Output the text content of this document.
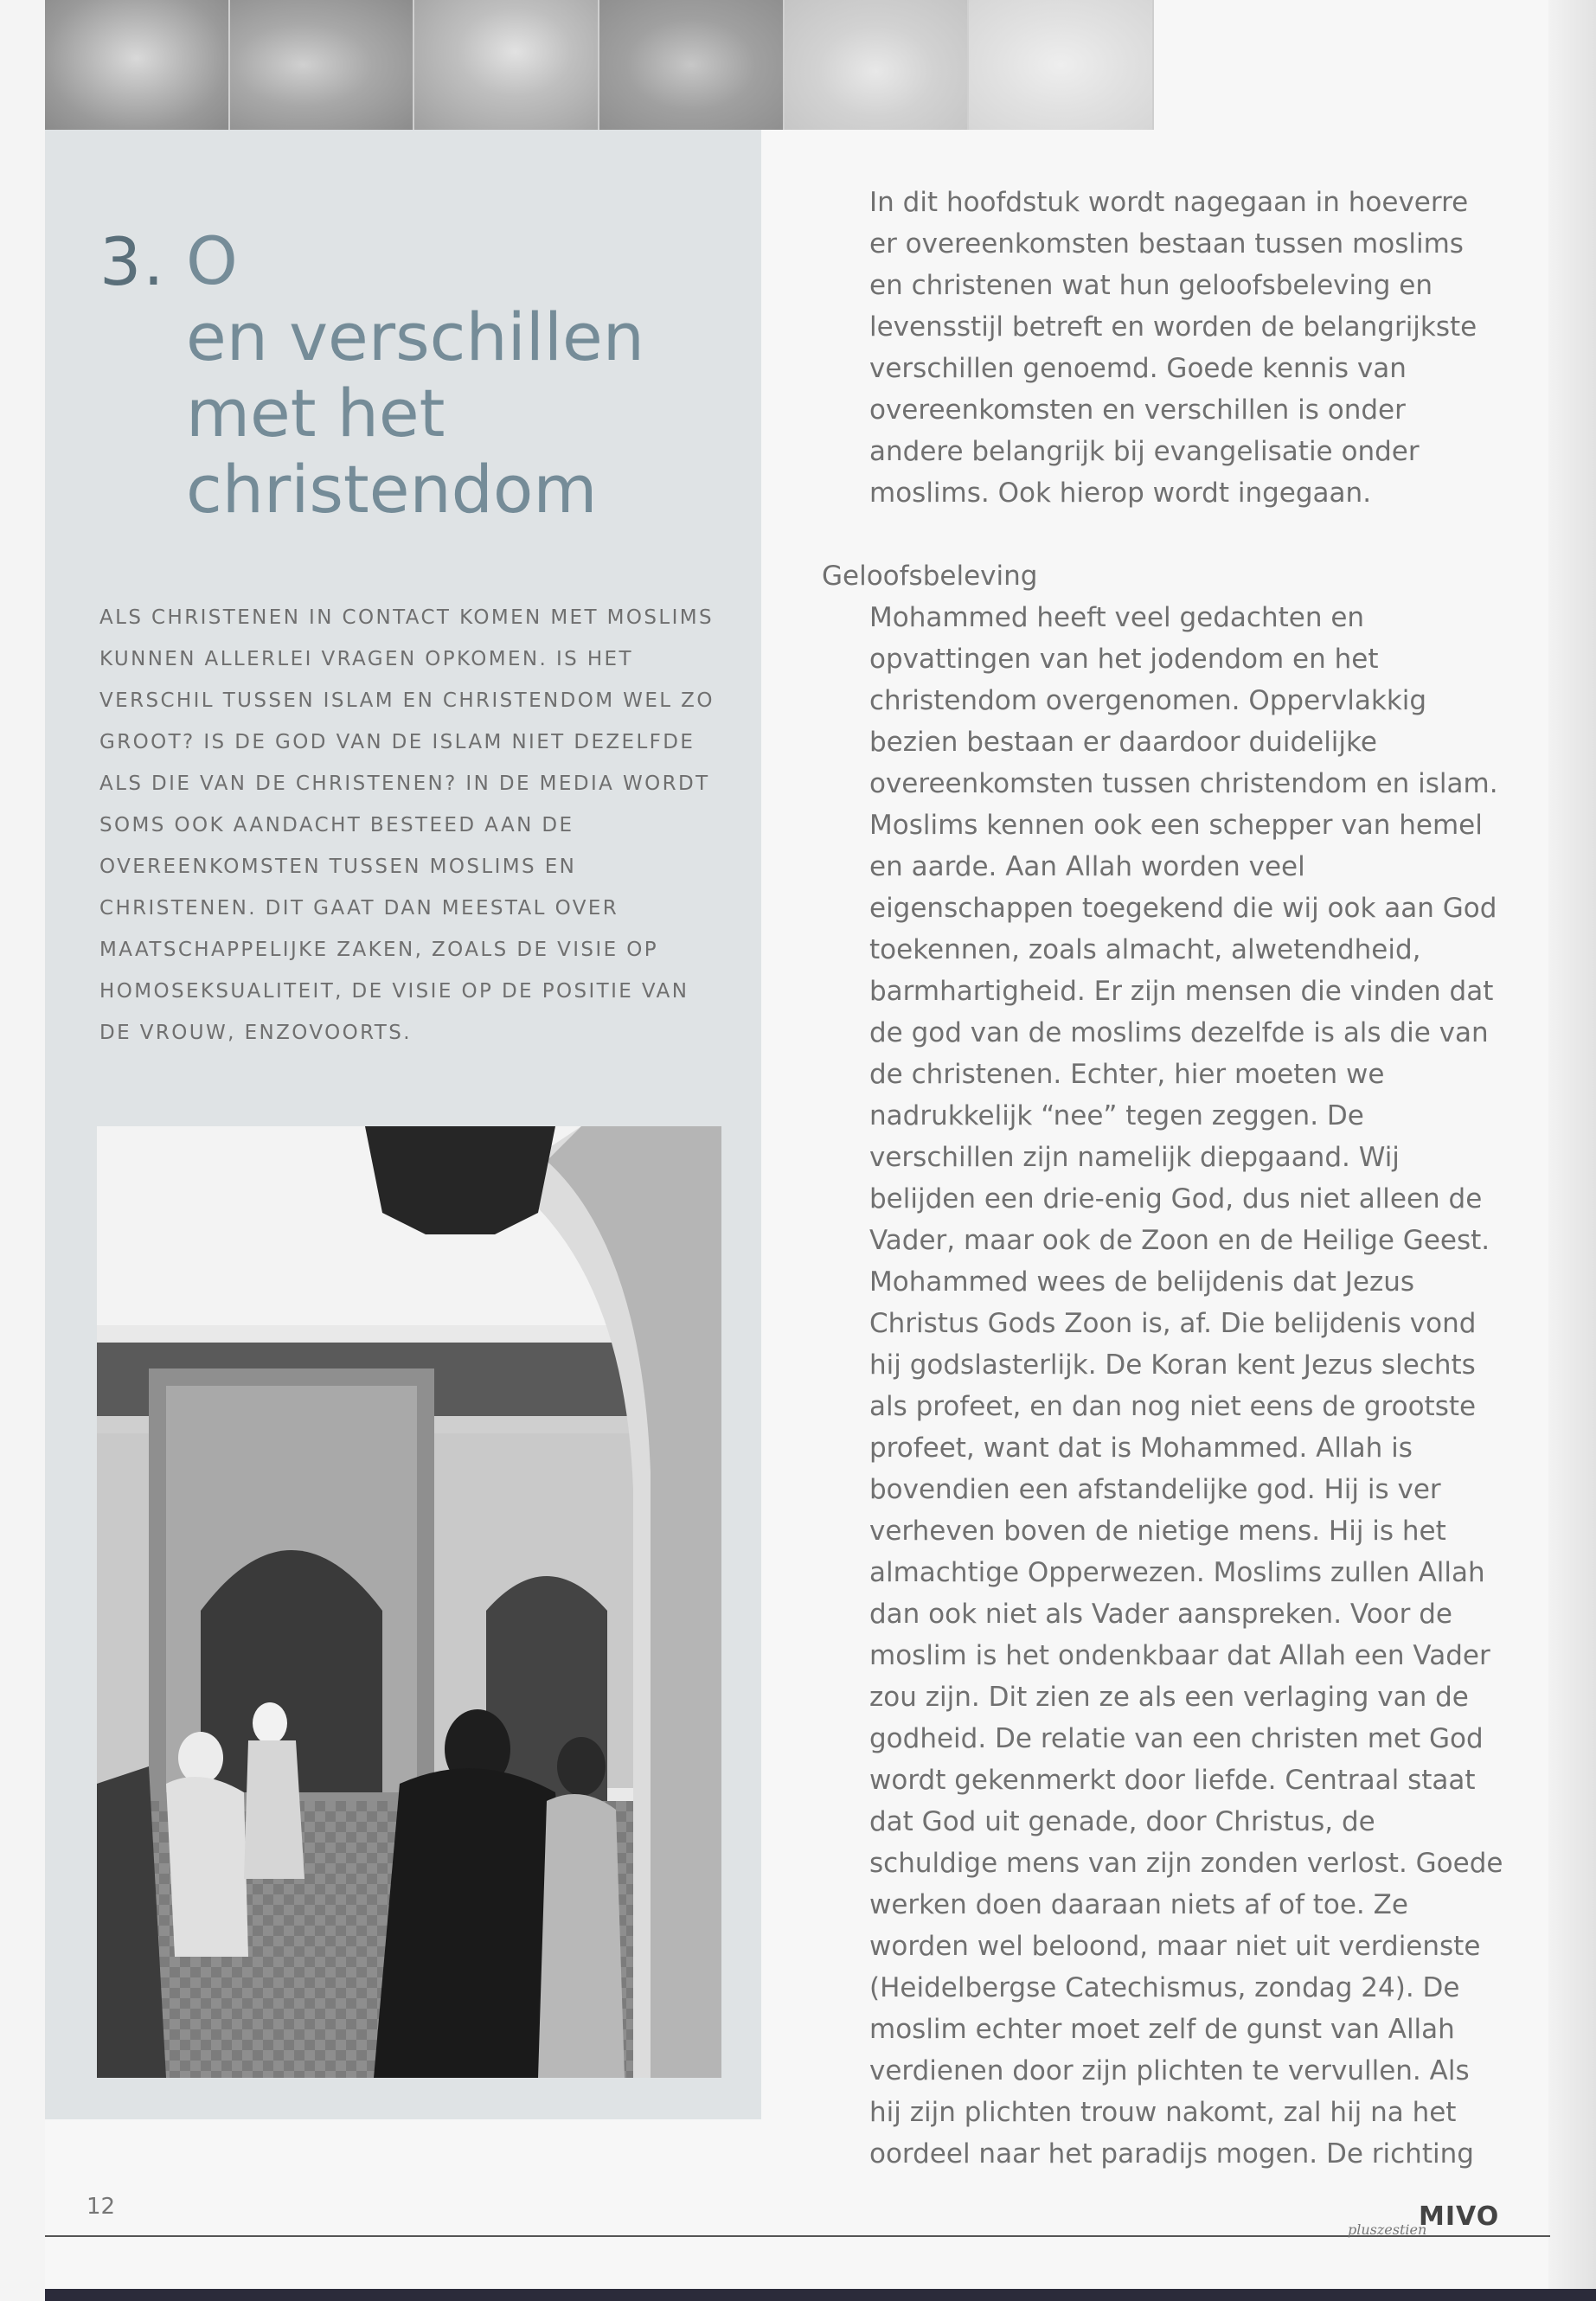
3. O
en verschillen
met het
christendom
ALS CHRISTENEN IN CONTACT KOMEN MET MOSLIMS KUNNEN ALLERLEI VRAGEN OPKOMEN. IS HET VERSCHIL TUSSEN ISLAM EN CHRISTENDOM WEL ZO GROOT? IS DE GOD VAN DE ISLAM NIET DEZELFDE ALS DIE VAN DE CHRISTENEN? IN DE MEDIA WORDT SOMS OOK AANDACHT BESTEED AAN DE OVEREENKOMSTEN TUSSEN MOSLIMS EN CHRISTENEN. DIT GAAT DAN MEESTAL OVER MAATSCHAPPELIJKE ZAKEN, ZOALS DE VISIE OP HOMOSEKSUALITEIT, DE VISIE OP DE POSITIE VAN DE VROUW, ENZOVOORTS.

In dit hoofdstuk wordt nagegaan in hoeverre er overeenkomsten bestaan tussen moslims en christenen wat hun geloofsbeleving en levensstijl betreft en worden de belangrijkste verschillen genoemd. Goede kennis van overeenkomsten en verschillen is onder andere belangrijk bij evangelisatie onder moslims. Ook hierop wordt ingegaan.

Geloofsbeleving

Mohammed heeft veel gedachten en opvattingen van het jodendom en het christendom overgenomen. Oppervlakkig bezien bestaan er daardoor duidelijke overeenkomsten tussen christendom en islam. Moslims kennen ook een schepper van hemel en aarde. Aan Allah worden veel eigenschappen toegekend die wij ook aan God toekennen, zoals almacht, alwetendheid, barmhartigheid. Er zijn mensen die vinden dat de god van de moslims dezelfde is als die van de christenen. Echter, hier moeten we nadrukkelijk “nee” tegen zeggen. De verschillen zijn namelijk diepgaand. Wij belijden een drie-enig God, dus niet alleen de Vader, maar ook de Zoon en de Heilige Geest. Mohammed wees de belijdenis dat Jezus Christus Gods Zoon is, af. Die belijdenis vond hij godslasterlijk. De Koran kent Jezus slechts als profeet, en dan nog niet eens de grootste profeet, want dat is Mohammed. Allah is bovendien een afstandelijke god. Hij is ver verheven boven de nietige mens. Hij is het almachtige Opperwezen. Moslims zullen Allah dan ook niet als Vader aanspreken. Voor de moslim is het ondenkbaar dat Allah een Vader zou zijn. Dit zien ze als een verlaging van de godheid. De relatie van een christen met God wordt gekenmerkt door liefde. Centraal staat dat God uit genade, door Christus, de schuldige mens van zijn zonden verlost. Goede werken doen daaraan niets af of toe. Ze worden wel beloond, maar niet uit verdienste (Heidelbergse Catechismus, zondag 24). De moslim echter moet zelf de gunst van Allah verdienen door zijn plichten te vervullen. Als hij zijn plichten trouw nakomt, zal hij na het oordeel naar het paradijs mogen. De richting

12	MIVO
pluszestien
